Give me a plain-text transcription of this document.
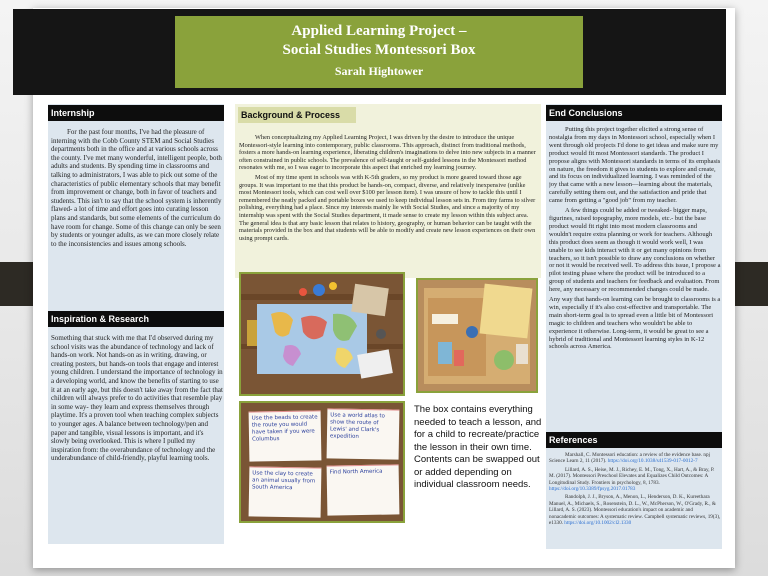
Applied Learning Project –
Social Studies Montessori Box
Sarah Hightower
Internship

For the past four months, I've had the pleasure of interning with the Cobb County STEM and Social Studies departments both in the office and at various schools across the county. I've met many wonderful, intelligent people, both adults and students. By spending time in classrooms and talking to administrators, I was able to pick out some of the characteristics of public elementary schools that may benefit from improvement or change, both in favor of teachers and students. This isn't to say that the school system is inherently flawed- a lot of time and effort goes into curating lesson plans and standards, but some elements of the curriculum do have room for change. Some of this change can only be seen by students or younger adults, as we can more closely relate to the inconsistencies and issues among schools.

Inspiration & Research

Something that stuck with me that I'd observed during my school visits was the abundance of technology and lack of hands-on work. Not hands-on as in writing, drawing, or creating posters, but hands-on tools that engage and interest young children. I understand the importance of technology in a developing world, and know the benefits of starting to use it at an early age, but this doesn't take away from the fact that children will always prefer to do activities that resemble play in some way- they learn and express themselves through playtime. It's a proven tool when teaching complex subjects to younger ages. A balance between technology/pen and paper and tangible, visual lessons is important, and it's slowly being overlooked. This is where I pulled my inspiration from: the overabundance of technology and the underabundance of child-friendly, playful learning tools.

Background & Process

When conceptualizing my Applied Learning Project, I was driven by the desire to introduce the unique Montessori-style learning into contemporary, public classrooms. This approach, distinct from traditional methods, fosters a more hands-on learning experience, liberating children's imaginations to delve into new subjects in a manner often constrained in public schools. The prevalence of self-taught or self-guided lessons in the Montessori method resonates with me, so I was eager to incorporate this aspect that enriched my learning journey.

Most of my time spent in schools was with K-5th graders, so my product is more geared toward those age groups. It was important to me that this product be hands-on, compact, diverse, and relatively inexpensive (unlike most Montessori tools, which can cost well over $100 per lesson item). I was unsure of how to tackle this until I remembered the neatly packed and portable boxes we used to keep individual lesson sets in. From tiny farms to silver polishing, everything had a place. Since my interests mainly lie with Social Studies, and since a majority of my internship was spent with the Social Studies department, it made sense to create my lesson within this subject area. The general idea is that any basic lesson that relates to history, geography, or human behavior can be taught with the materials provided in the box and that students will be able to modify and create new lesson experiences on their own using prompt cards.

Use the beads to create the route you would have taken if you were Columbus
Use a world atlas to show the route of Lewis' and Clark's expedition
Use the clay to create an animal usually from South America
Find North America
The box contains everything needed to teach a lesson, and for a child to recreate/practice the lesson in their own time. Contents can be swapped out or added depending on individual classroom needs.
End Conclusions

Putting this project together elicited a strong sense of nostalgia from my days in Montessori school, especially when I went through old projects I'd done to get ideas and make sure my product would fit most Montessori standards. The product I propose aligns with Montessori standards in terms of its emphasis on nature, the freedom it gives to students to explore and create, and its focus on individualized learning. I was reminded of the joy that came with a new lesson—learning about the materials, carefully setting them out, and the satisfaction and pride that came from getting a "good job" from my teacher.

A few things could be added or tweaked- bigger maps, figurines, raised topography, more models, etc.- but the base product would fit right into most modern classrooms and wouldn't require extra planning or work for teachers. Although this product does seem as though it would work well, I was unable to see kids interact with it or get many opinions from teachers, so it isn't possible to draw any conclusions on whether or not it would be received well. To address this issue, I propose a pilot testing phase where the product will be introduced to a group of students and teachers for feedback and evaluation. From here, any necessary or recommended changes could be made.

Any way that hands-on learning can be brought to classrooms is a win, especially if it's also cost-effective and transportable. The main short-term goal is to spread even a little bit of Montessori magic to children and teachers who wouldn't be able to experience it otherwise. Long-term, it would be great to see a hybrid of traditional and Montessori learning styles in K-12 schools across America.

References

Marshall, C. Montessori education: a review of the evidence base. npj Science Learn 2, 11 (2017). https://doi.org/10.1038/s41539-017-0012-7

Lillard, A. S., Heise, M. J., Richey, E. M., Tong, X., Hart, A., & Bray, P. M. (2017). Montessori Preschool Elevates and Equalizes Child Outcomes: A Longitudinal Study. Frontiers in psychology, 8, 1783. https://doi.org/10.3389/fpsyg.2017.01783

Randolph, J. J., Bryson, A., Menon, L., Henderson, D. K., Kureethara Manuel, A., Michaels, S., Rosenstein, D. L., W., McPherson, W., O'Grady, R., & Lillard, A. S. (2023). Montessori education's impact on academic and nonacademic outcomes: A systematic review. Campbell systematic reviews, 19(3), e1330. https://doi.org/10.1002/cl2.1330
